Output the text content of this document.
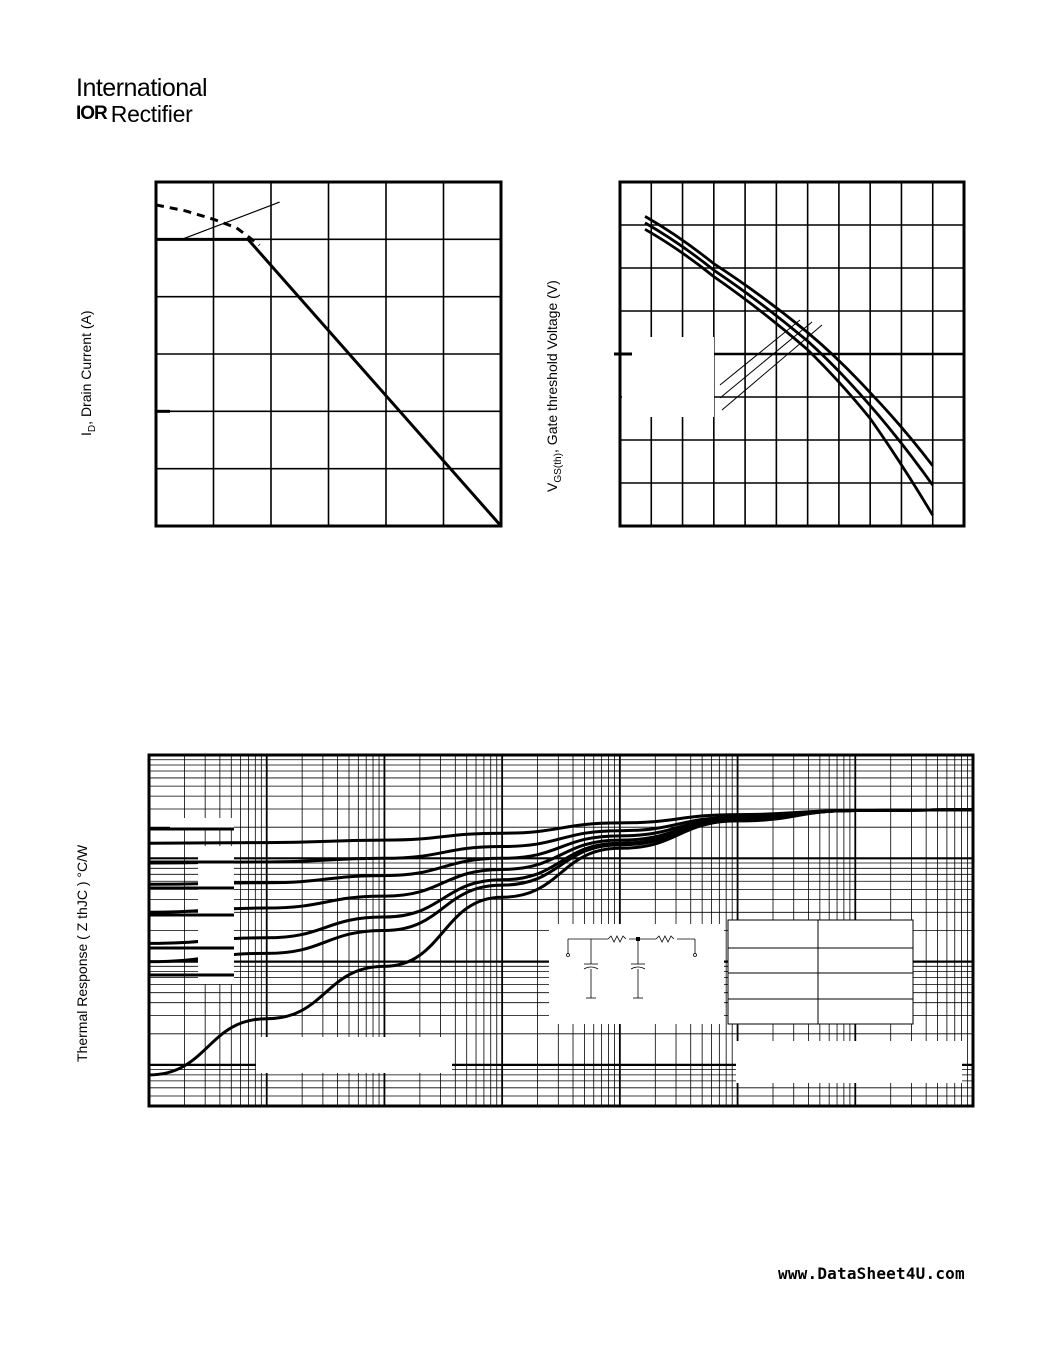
International
IOR Rectifier
$I_D$, Drain Current (A)
$V_{GS(th)}$, Gate threshold Voltage (V)
Thermal Response ( Z thJC ) °C/W
www.DataSheet4U.com
